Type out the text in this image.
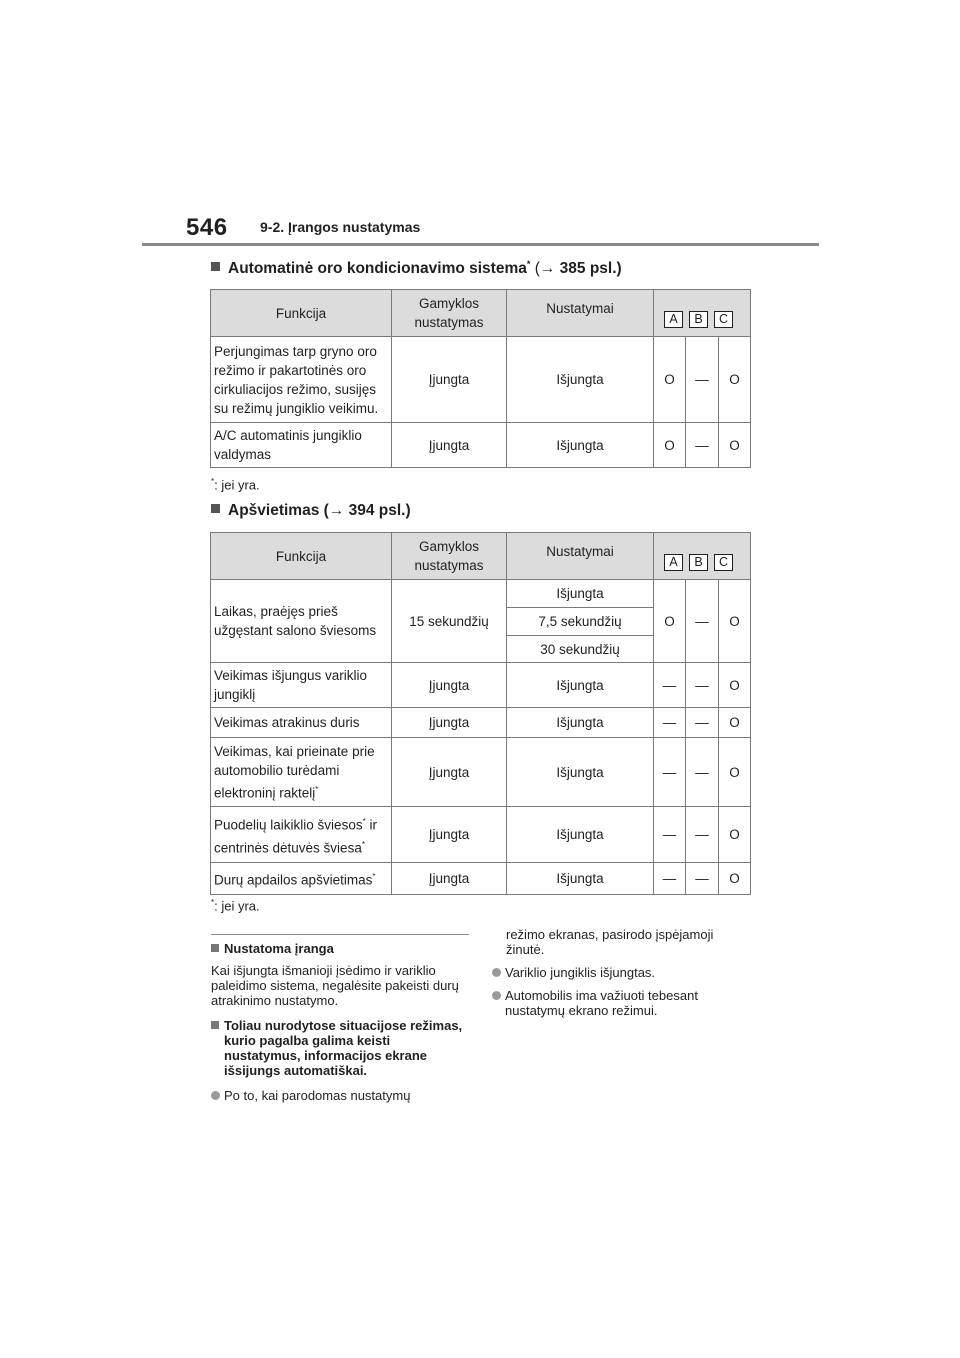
546 9-2. Įrangos nustatymas
Automatinė oro kondicionavimo sistema* (→ 385 psl.)
Funkcija	Gamyklos nustatymas	Nustatymai	A B C		

Perjungimas tarp gryno oro režimo ir pakartotinės oro cirkuliacijos režimo, susijęs su režimų jungiklio veikimu.	Įjungta	Išjungta	O	—	O
A/C automatinis jungiklio valdymas	Įjungta	Išjungta	O	—	O
*: jei yra.
Apšvietimas (→ 394 psl.)
Funkcija	Gamyklos nustatymas	Nustatymai	A B C		

Laikas, praėjęs prieš užgęstant salono šviesoms	15 sekundžių	Išjungta	O	—	O
		7,5 sekundžių			
		30 sekundžių			
Veikimas išjungus variklio jungiklį	Įjungta	Išjungta	—	—	O
Veikimas atrakinus duris	Įjungta	Išjungta	—	—	O
Veikimas, kai prieinate prie automobilio turėdami elektroninį raktelį*	Įjungta	Išjungta	—	—	O
Puodelių laikiklio šviesos* ir centrinės dėtuvės šviesa*	Įjungta	Išjungta	—	—	O
Durų apdailos apšvietimas*	Įjungta	Išjungta	—	—	O
*: jei yra.
Nustatoma įranga
Kai išjungta išmanioji įsėdimo ir variklio paleidimo sistema, negalėsite pakeisti durų atrakinimo nustatymo.
Toliau nurodytose situacijose režimas, kurio pagalba galima keisti nustatymus, informacijos ekrane išsijungs automatiškai.
Po to, kai parodomas nustatymų
režimo ekranas, pasirodo įspėjamoji žinutė.
Variklio jungiklis išjungtas.
Automobilis ima važiuoti tebesant nustatymų ekrano režimui.
